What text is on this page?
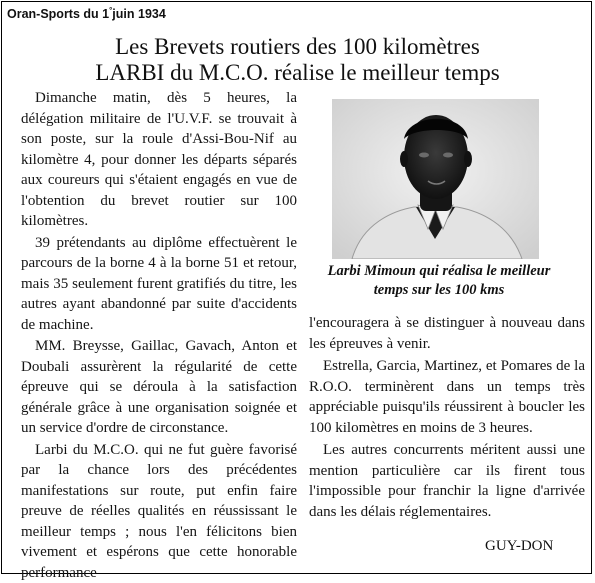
Oran-Sports du 1°juin 1934
Les Brevets routiers des 100 kilomètres
LARBI du M.C.O. réalise le meilleur temps

Dimanche matin, dès 5 heures, la délégation militaire de l'U.V.F. se trouvait à son poste, sur la roule d'Assi-Bou-Nif au kilomètre 4, pour donner les départs séparés aux coureurs qui s'étaient engagés en vue de l'obtention du brevet routier sur 100 kilomètres.

39 prétendants au diplôme effectuèrent le parcours de la borne 4 à la borne 51 et retour, mais 35 seulement furent gratifiés du titre, les autres ayant abandonné par suite d'accidents de machine.

MM. Breysse, Gaillac, Gavach, Anton et Doubali assurèrent la régularité de cette épreuve qui se déroula à la satisfaction générale grâce à une organisation soignée et un service d'ordre de circonstance.

Larbi du M.C.O. qui ne fut guère favorisé par la chance lors des précédentes manifestations sur route, put enfin faire preuve de réelles qualités en réussissant le meilleur temps ; nous l'en félicitons bien vivement et espérons que cette honorable performance

Larbi Mimoun qui réalisa le meilleur
temps sur les 100 kms

l'encouragera à se distinguer à nouveau dans les épreuves à venir.

Estrella, Garcia, Martinez, et Pomares de la R.O.O. terminèrent dans un temps très appréciable puisqu'ils réussirent à boucler les 100 kilomètres en moins de 3 heures.

Les autres concurrents méritent aussi une mention particulière car ils firent tous l'impossible pour franchir la ligne d'arrivée dans les délais réglementaires.

GUY-DON
